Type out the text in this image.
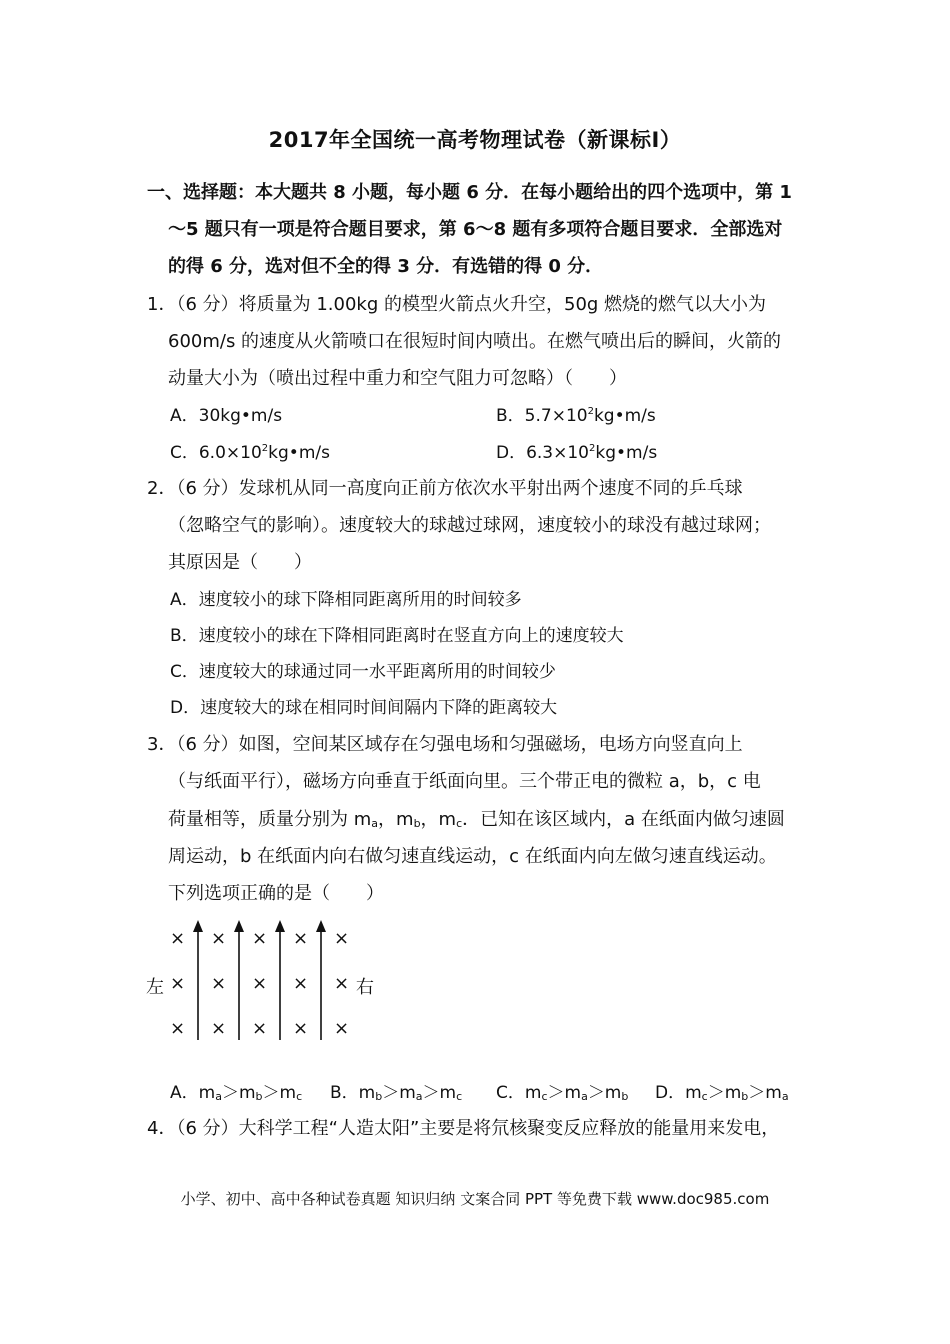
2017年全国统一高考物理试卷（新课标I）
一、选择题：本大题共 8 小题，每小题 6 分．在每小题给出的四个选项中，第 1
～5 题只有一项是符合题目要求，第 6～8 题有多项符合题目要求．全部选对
的得 6 分，选对但不全的得 3 分．有选错的得 0 分．
1．（6 分）将质量为 1.00kg 的模型火箭点火升空，50g 燃烧的燃气以大小为
600m/s 的速度从火箭喷口在很短时间内喷出。在燃气喷出后的瞬间，火箭的
动量大小为（喷出过程中重力和空气阻力可忽略）（　　）
A．30kg•m/s	B．$5.7\times 10^2kg•m/s$
C．$6.0\times 10^2kg•m/s$	D．$6.3\times 10^2kg•m/s$
2．（6 分）发球机从同一高度向正前方依次水平射出两个速度不同的乒乓球
（忽略空气的影响）。速度较大的球越过球网，速度较小的球没有越过球网；
其原因是（　　）
A．速度较小的球下降相同距离所用的时间较多
B．速度较小的球在下降相同距离时在竖直方向上的速度较大
C．速度较大的球通过同一水平距离所用的时间较少
D．速度较大的球在相同时间间隔内下降的距离较大
3．（6 分）如图，空间某区域存在匀强电场和匀强磁场，电场方向竖直向上
（与纸面平行），磁场方向垂直于纸面向里。三个带正电的微粒 a，b，c 电
荷量相等，质量分别为 $m_a$，$m_b$，$m_c$．已知在该区域内，a 在纸面内做匀速圆
周运动，b 在纸面内向右做匀速直线运动，c 在纸面内向左做匀速直线运动。
下列选项正确的是（　　）
× × × × ×
左 × × × × × 右
× × × × ×
A．$m_a>m_b>m_c$ B．$m_b>m_a>m_c$ C．$m_c>m_a>m_b$ D．$m_c>m_b>m_a$
4．（6 分）大科学工程“人造太阳”主要是将氘核聚变反应释放的能量用来发电，
小学、初中、高中各种试卷真题 知识归纳 文案合同 PPT 等免费下载 www.doc985.com
